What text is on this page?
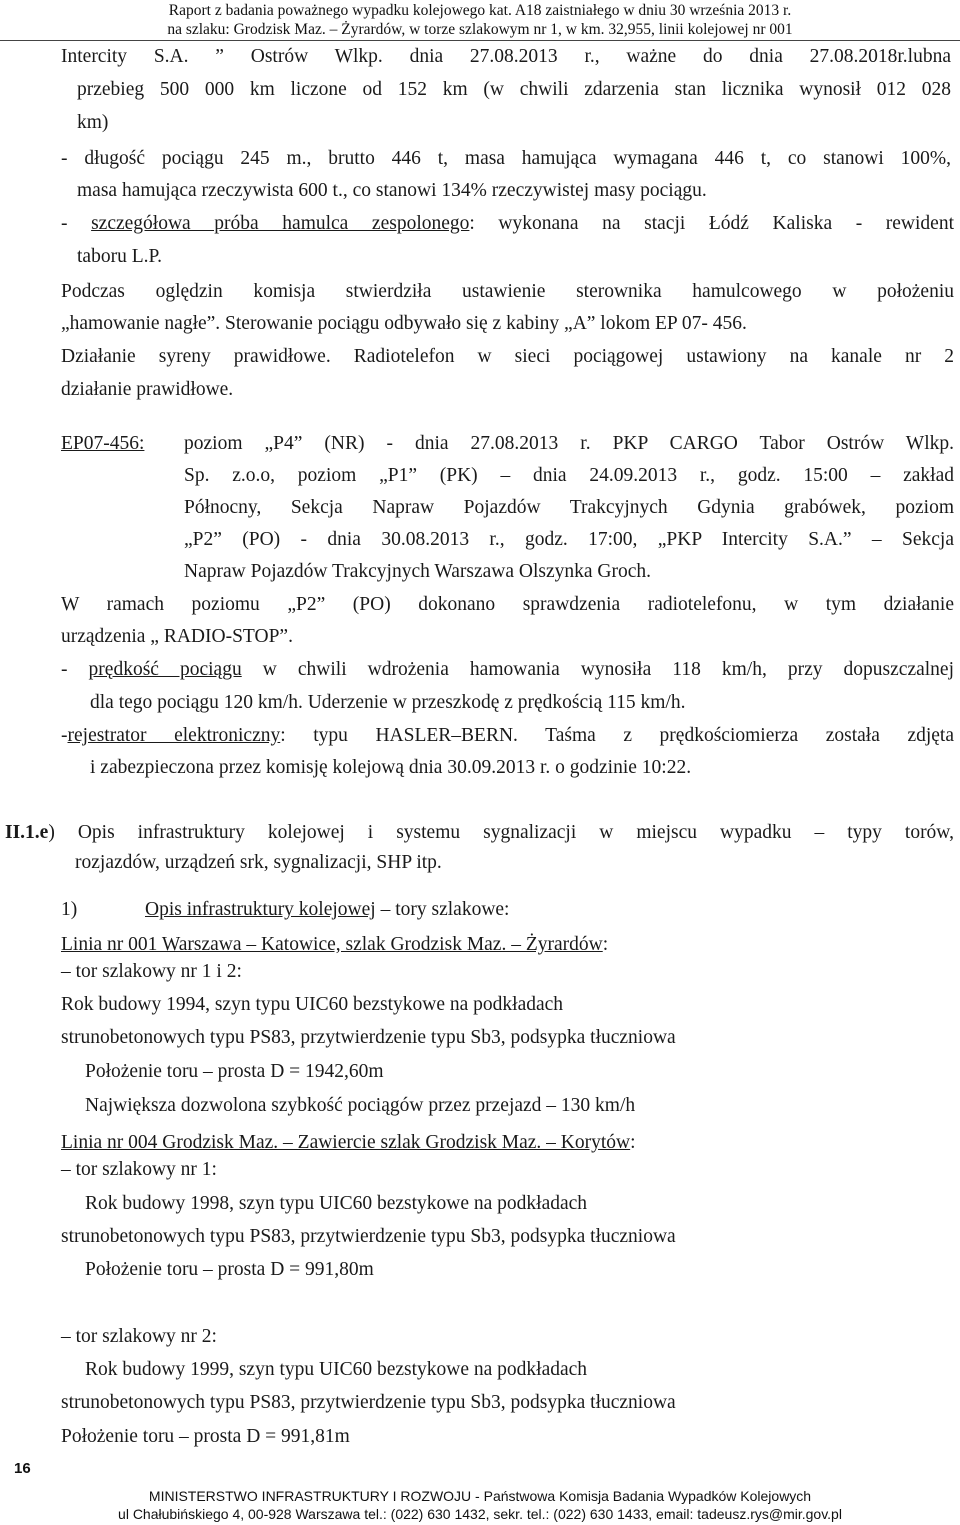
Raport z badania poważnego wypadku kolejowego kat. A18 zaistniałego w dniu 30 września 2013 r.
na szlaku: Grodzisk Maz. – Żyrardów, w torze szlakowym nr 1, w km. 32,955, linii kolejowej nr 001
Intercity S.A. ” Ostrów Wlkp. dnia 27.08.2013 r., ważne do dnia 27.08.2018r.lubna
przebieg 500 000 km liczone od 152 km (w chwili zdarzenia stan licznika wynosił 012 028
km)
- długość pociągu 245 m., brutto 446 t, masa hamująca wymagana 446 t, co stanowi 100%,
masa hamująca rzeczywista 600 t., co stanowi 134% rzeczywistej masy pociągu.
- szczegółowa próba hamulca zespolonego: wykonana na stacji Łódź Kaliska - rewident
taboru L.P.
Podczas oględzin komisja stwierdziła ustawienie sterownika hamulcowego w położeniu
„hamowanie nagłe”. Sterowanie pociągu odbywało się z kabiny „A” lokom EP 07- 456.
Działanie syreny prawidłowe. Radiotelefon w sieci pociągowej ustawiony na kanale nr 2
działanie prawidłowe.
EP07-456: poziom „P4” (NR) - dnia 27.08.2013 r. PKP CARGO Tabor Ostrów Wlkp.
Sp. z.o.o, poziom „P1” (PK) – dnia 24.09.2013 r., godz. 15:00 – zakład
Północny, Sekcja Napraw Pojazdów Trakcyjnych Gdynia grabówek, poziom
„P2” (PO) - dnia 30.08.2013 r., godz. 17:00, „PKP Intercity S.A.” – Sekcja
Napraw Pojazdów Trakcyjnych Warszawa Olszynka Groch.
W ramach poziomu „P2” (PO) dokonano sprawdzenia radiotelefonu, w tym działanie
urządzenia „ RADIO-STOP”.
- prędkość pociągu w chwili wdrożenia hamowania wynosiła 118 km/h, przy dopuszczalnej
dla tego pociągu 120 km/h. Uderzenie w przeszkodę z prędkością 115 km/h.
-rejestrator elektroniczny: typu HASLER–BERN. Taśma z prędkościomierza została zdjęta
i zabezpieczona przez komisję kolejową dnia 30.09.2013 r. o godzinie 10:22.
II.1.e) Opis infrastruktury kolejowej i systemu sygnalizacji w miejscu wypadku – typy torów,
rozjazdów, urządzeń srk, sygnalizacji, SHP itp.
1)	Opis infrastruktury kolejowej – tory szlakowe:
Linia nr 001 Warszawa – Katowice, szlak Grodzisk Maz. – Żyrardów:
– tor szlakowy nr 1 i 2:
Rok budowy 1994, szyn typu UIC60 bezstykowe na podkładach
strunobetonowych typu PS83, przytwierdzenie typu Sb3, podsypka tłuczniowa
Położenie toru – prosta D = 1942,60m
Największa dozwolona szybkość pociągów przez przejazd – 130 km/h
Linia nr 004 Grodzisk Maz. – Zawiercie szlak Grodzisk Maz. – Korytów:
– tor szlakowy nr 1:
Rok budowy 1998, szyn typu UIC60 bezstykowe na podkładach
strunobetonowych typu PS83, przytwierdzenie typu Sb3, podsypka tłuczniowa
Położenie toru – prosta D = 991,80m
– tor szlakowy nr 2:
Rok budowy 1999, szyn typu UIC60 bezstykowe na podkładach
strunobetonowych typu PS83, przytwierdzenie typu Sb3, podsypka tłuczniowa
Położenie toru – prosta D = 991,81m
16
MINISTERSTWO INFRASTRUKTURY I ROZWOJU - Państwowa Komisja Badania Wypadków Kolejowych
ul Chałubińskiego 4, 00-928 Warszawa tel.: (022) 630 1432, sekr. tel.: (022) 630 1433, email: tadeusz.rys@mir.gov.pl
